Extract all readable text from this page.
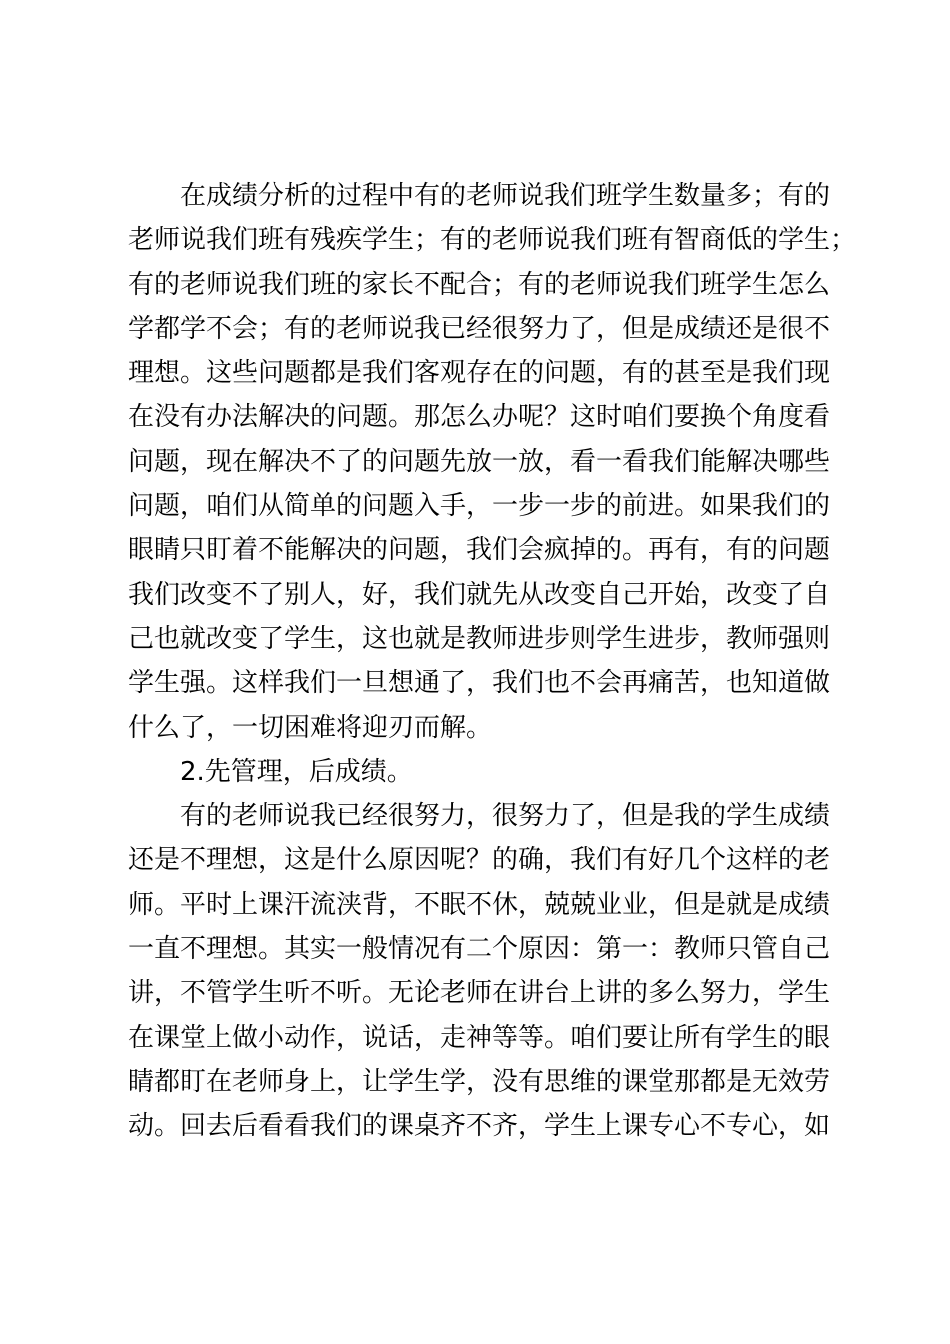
在成绩分析的过程中有的老师说我们班学生数量多；有的
老师说我们班有残疾学生；有的老师说我们班有智商低的学生；
有的老师说我们班的家长不配合；有的老师说我们班学生怎么
学都学不会；有的老师说我已经很努力了，但是成绩还是很不
理想。这些问题都是我们客观存在的问题，有的甚至是我们现
在没有办法解决的问题。那怎么办呢？这时咱们要换个角度看
问题，现在解决不了的问题先放一放，看一看我们能解决哪些
问题，咱们从简单的问题入手，一步一步的前进。如果我们的
眼睛只盯着不能解决的问题，我们会疯掉的。再有，有的问题
我们改变不了别人，好，我们就先从改变自己开始，改变了自
己也就改变了学生，这也就是教师进步则学生进步，教师强则
学生强。这样我们一旦想通了，我们也不会再痛苦，也知道做
什么了，一切困难将迎刃而解。
2.先管理，后成绩。
有的老师说我已经很努力，很努力了，但是我的学生成绩
还是不理想，这是什么原因呢？的确，我们有好几个这样的老
师。平时上课汗流浃背，不眠不休，兢兢业业，但是就是成绩
一直不理想。其实一般情况有二个原因：第一：教师只管自己
讲，不管学生听不听。无论老师在讲台上讲的多么努力，学生
在课堂上做小动作，说话，走神等等。咱们要让所有学生的眼
睛都盯在老师身上，让学生学，没有思维的课堂那都是无效劳
动。回去后看看我们的课桌齐不齐，学生上课专心不专心，如
